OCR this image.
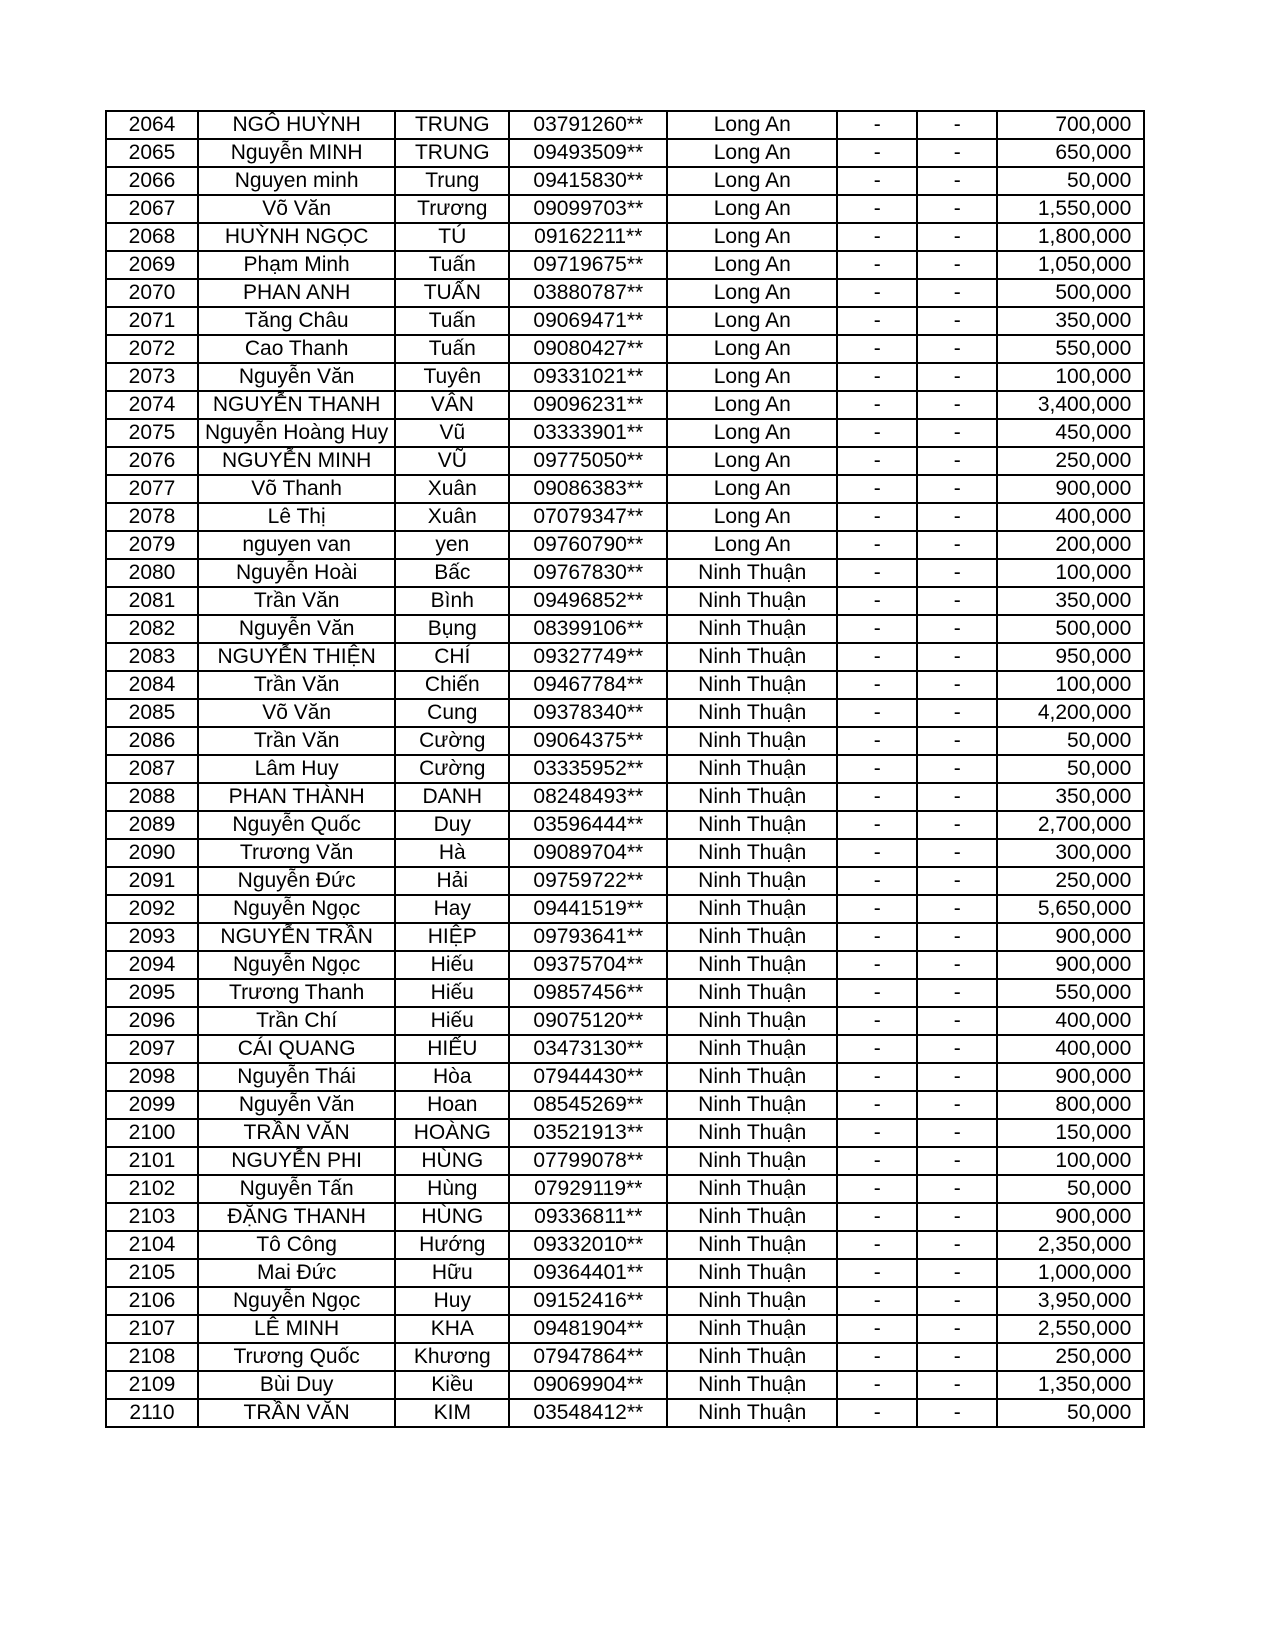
2064	NGÔ HUỲNH	TRUNG	03791260**	Long An	-	-	700,000
2065	Nguyễn MINH	TRUNG	09493509**	Long An	-	-	650,000
2066	Nguyen minh	Trung	09415830**	Long An	-	-	50,000
2067	Võ Văn	Trương	09099703**	Long An	-	-	1,550,000
2068	HUỲNH NGỌC	TÚ	09162211**	Long An	-	-	1,800,000
2069	Phạm Minh	Tuấn	09719675**	Long An	-	-	1,050,000
2070	PHAN ANH	TUẤN	03880787**	Long An	-	-	500,000
2071	Tăng Châu	Tuấn	09069471**	Long An	-	-	350,000
2072	Cao Thanh	Tuấn	09080427**	Long An	-	-	550,000
2073	Nguyễn Văn	Tuyên	09331021**	Long An	-	-	100,000
2074	NGUYỄN THANH	VÂN	09096231**	Long An	-	-	3,400,000
2075	Nguyễn Hoàng Huy	Vũ	03333901**	Long An	-	-	450,000
2076	NGUYỄN MINH	VŨ	09775050**	Long An	-	-	250,000
2077	Võ Thanh	Xuân	09086383**	Long An	-	-	900,000
2078	Lê Thị	Xuân	07079347**	Long An	-	-	400,000
2079	nguyen van	yen	09760790**	Long An	-	-	200,000
2080	Nguyễn Hoài	Bấc	09767830**	Ninh Thuận	-	-	100,000
2081	Trần Văn	Bình	09496852**	Ninh Thuận	-	-	350,000
2082	Nguyễn Văn	Bụng	08399106**	Ninh Thuận	-	-	500,000
2083	NGUYỄN THIỆN	CHÍ	09327749**	Ninh Thuận	-	-	950,000
2084	Trần Văn	Chiến	09467784**	Ninh Thuận	-	-	100,000
2085	Võ Văn	Cung	09378340**	Ninh Thuận	-	-	4,200,000
2086	Trần Văn	Cường	09064375**	Ninh Thuận	-	-	50,000
2087	Lâm Huy	Cường	03335952**	Ninh Thuận	-	-	50,000
2088	PHAN THÀNH	DANH	08248493**	Ninh Thuận	-	-	350,000
2089	Nguyễn Quốc	Duy	03596444**	Ninh Thuận	-	-	2,700,000
2090	Trương Văn	Hà	09089704**	Ninh Thuận	-	-	300,000
2091	Nguyễn Đức	Hải	09759722**	Ninh Thuận	-	-	250,000
2092	Nguyễn Ngọc	Hay	09441519**	Ninh Thuận	-	-	5,650,000
2093	NGUYỄN TRẦN	HIỆP	09793641**	Ninh Thuận	-	-	900,000
2094	Nguyễn Ngọc	Hiếu	09375704**	Ninh Thuận	-	-	900,000
2095	Trương Thanh	Hiếu	09857456**	Ninh Thuận	-	-	550,000
2096	Trần Chí	Hiếu	09075120**	Ninh Thuận	-	-	400,000
2097	CÁI QUANG	HIẾU	03473130**	Ninh Thuận	-	-	400,000
2098	Nguyễn Thái	Hòa	07944430**	Ninh Thuận	-	-	900,000
2099	Nguyễn Văn	Hoan	08545269**	Ninh Thuận	-	-	800,000
2100	TRẦN VĂN	HOÀNG	03521913**	Ninh Thuận	-	-	150,000
2101	NGUYỄN PHI	HÙNG	07799078**	Ninh Thuận	-	-	100,000
2102	Nguyễn Tấn	Hùng	07929119**	Ninh Thuận	-	-	50,000
2103	ĐẶNG THANH	HÙNG	09336811**	Ninh Thuận	-	-	900,000
2104	Tô Công	Hướng	09332010**	Ninh Thuận	-	-	2,350,000
2105	Mai Đức	Hữu	09364401**	Ninh Thuận	-	-	1,000,000
2106	Nguyễn Ngọc	Huy	09152416**	Ninh Thuận	-	-	3,950,000
2107	LÊ MINH	KHA	09481904**	Ninh Thuận	-	-	2,550,000
2108	Trương Quốc	Khương	07947864**	Ninh Thuận	-	-	250,000
2109	Bùi Duy	Kiều	09069904**	Ninh Thuận	-	-	1,350,000
2110	TRẦN VĂN	KIM	03548412**	Ninh Thuận	-	-	50,000
